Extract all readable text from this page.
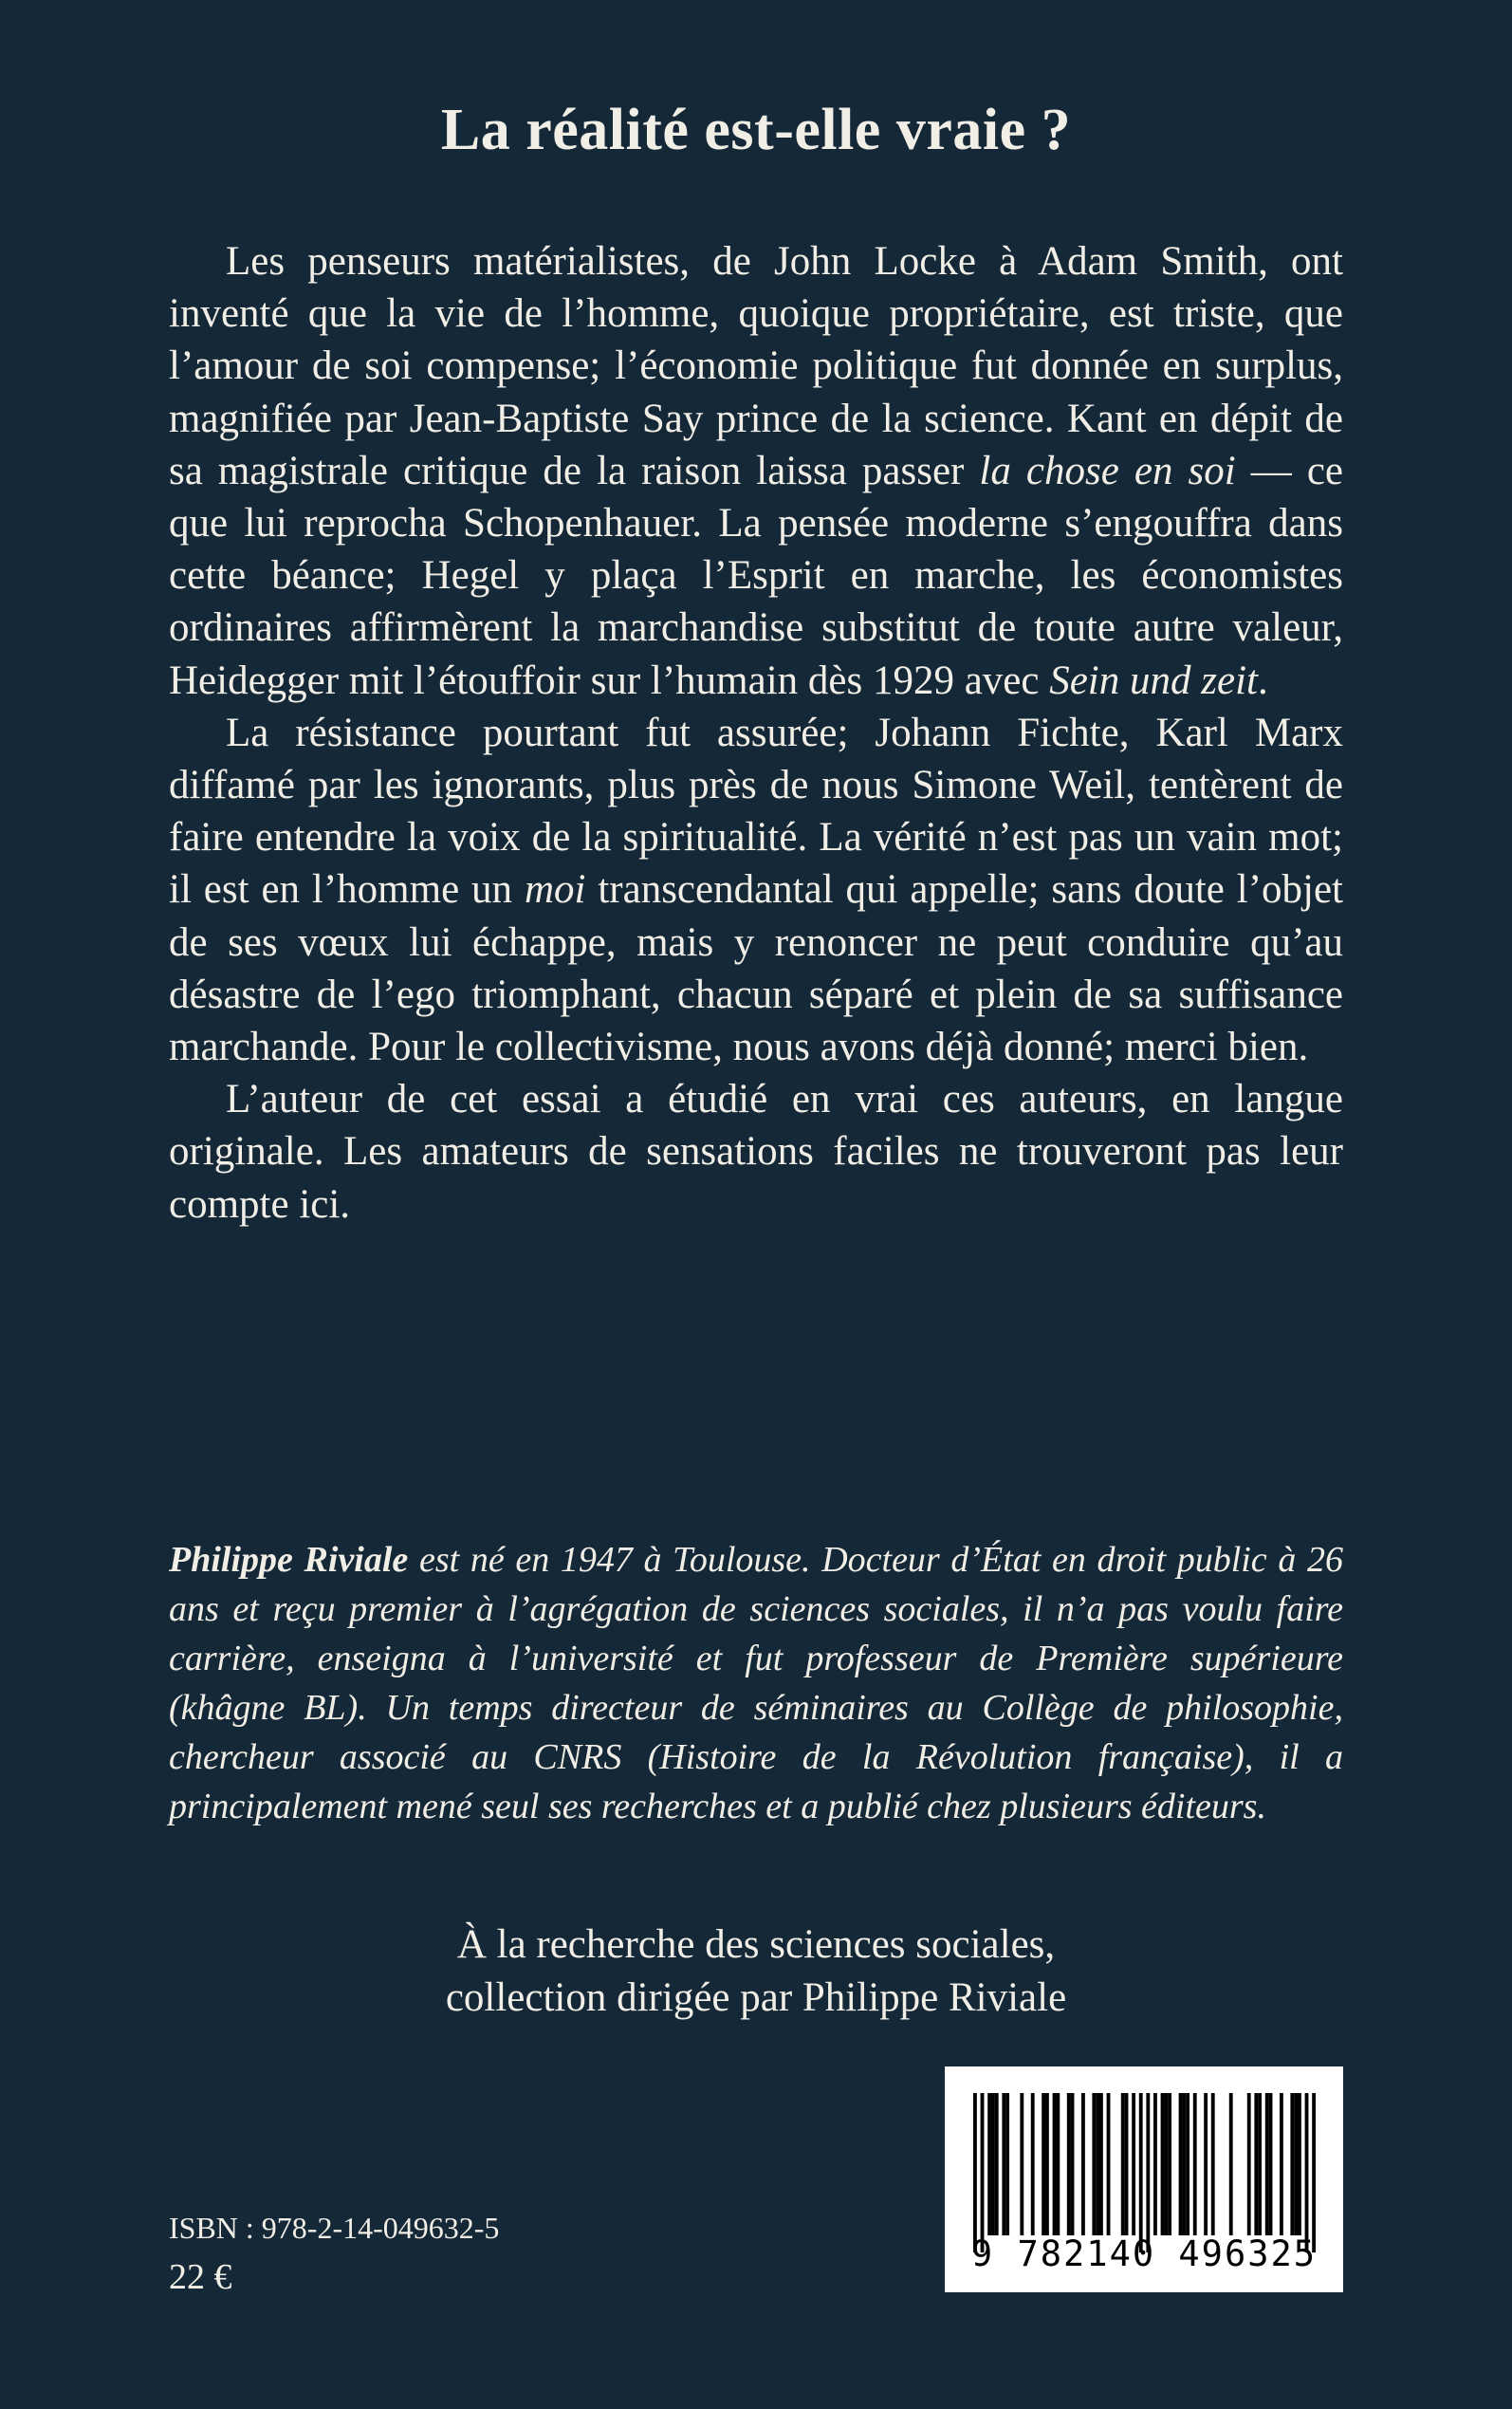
La réalité est-elle vraie ?

Les penseurs matérialistes, de John Locke à Adam Smith, ont inventé que la vie de l’homme, quoique propriétaire, est triste, que l’amour de soi compense; l’économie politique fut donnée en surplus, magnifiée par Jean-Baptiste Say prince de la science. Kant en dépit de sa magistrale critique de la raison laissa passer la chose en soi — ce que lui reprocha Schopenhauer. La pensée moderne s’engouffra dans cette béance; Hegel y plaça l’Esprit en marche, les économistes ordinaires affirmèrent la marchandise substitut de toute autre valeur, Heidegger mit l’étouffoir sur l’humain dès 1929 avec Sein und zeit.

La résistance pourtant fut assurée; Johann Fichte, Karl Marx diffamé par les ignorants, plus près de nous Simone Weil, tentèrent de faire entendre la voix de la spiritualité. La vérité n’est pas un vain mot; il est en l’homme un moi transcendantal qui appelle; sans doute l’objet de ses vœux lui échappe, mais y renoncer ne peut conduire qu’au désastre de l’ego triomphant, chacun séparé et plein de sa suffisance marchande. Pour le collectivisme, nous avons déjà donné; merci bien.

L’auteur de cet essai a étudié en vrai ces auteurs, en langue originale. Les amateurs de sensations faciles ne trouveront pas leur compte ici.

Philippe Riviale est né en 1947 à Toulouse. Docteur d’État en droit public à 26 ans et reçu premier à l’agrégation de sciences sociales, il n’a pas voulu faire carrière, enseigna à l’université et fut professeur de Première supérieure (khâgne BL). Un temps directeur de séminaires au Collège de philosophie, chercheur associé au CNRS (Histoire de la Révolution française), il a principalement mené seul ses recherches et a publié chez plusieurs éditeurs.

À la recherche des sciences sociales,
collection dirigée par Philippe Riviale
ISBN : 978-2-14-049632-5
22 €
9 782140 496325
